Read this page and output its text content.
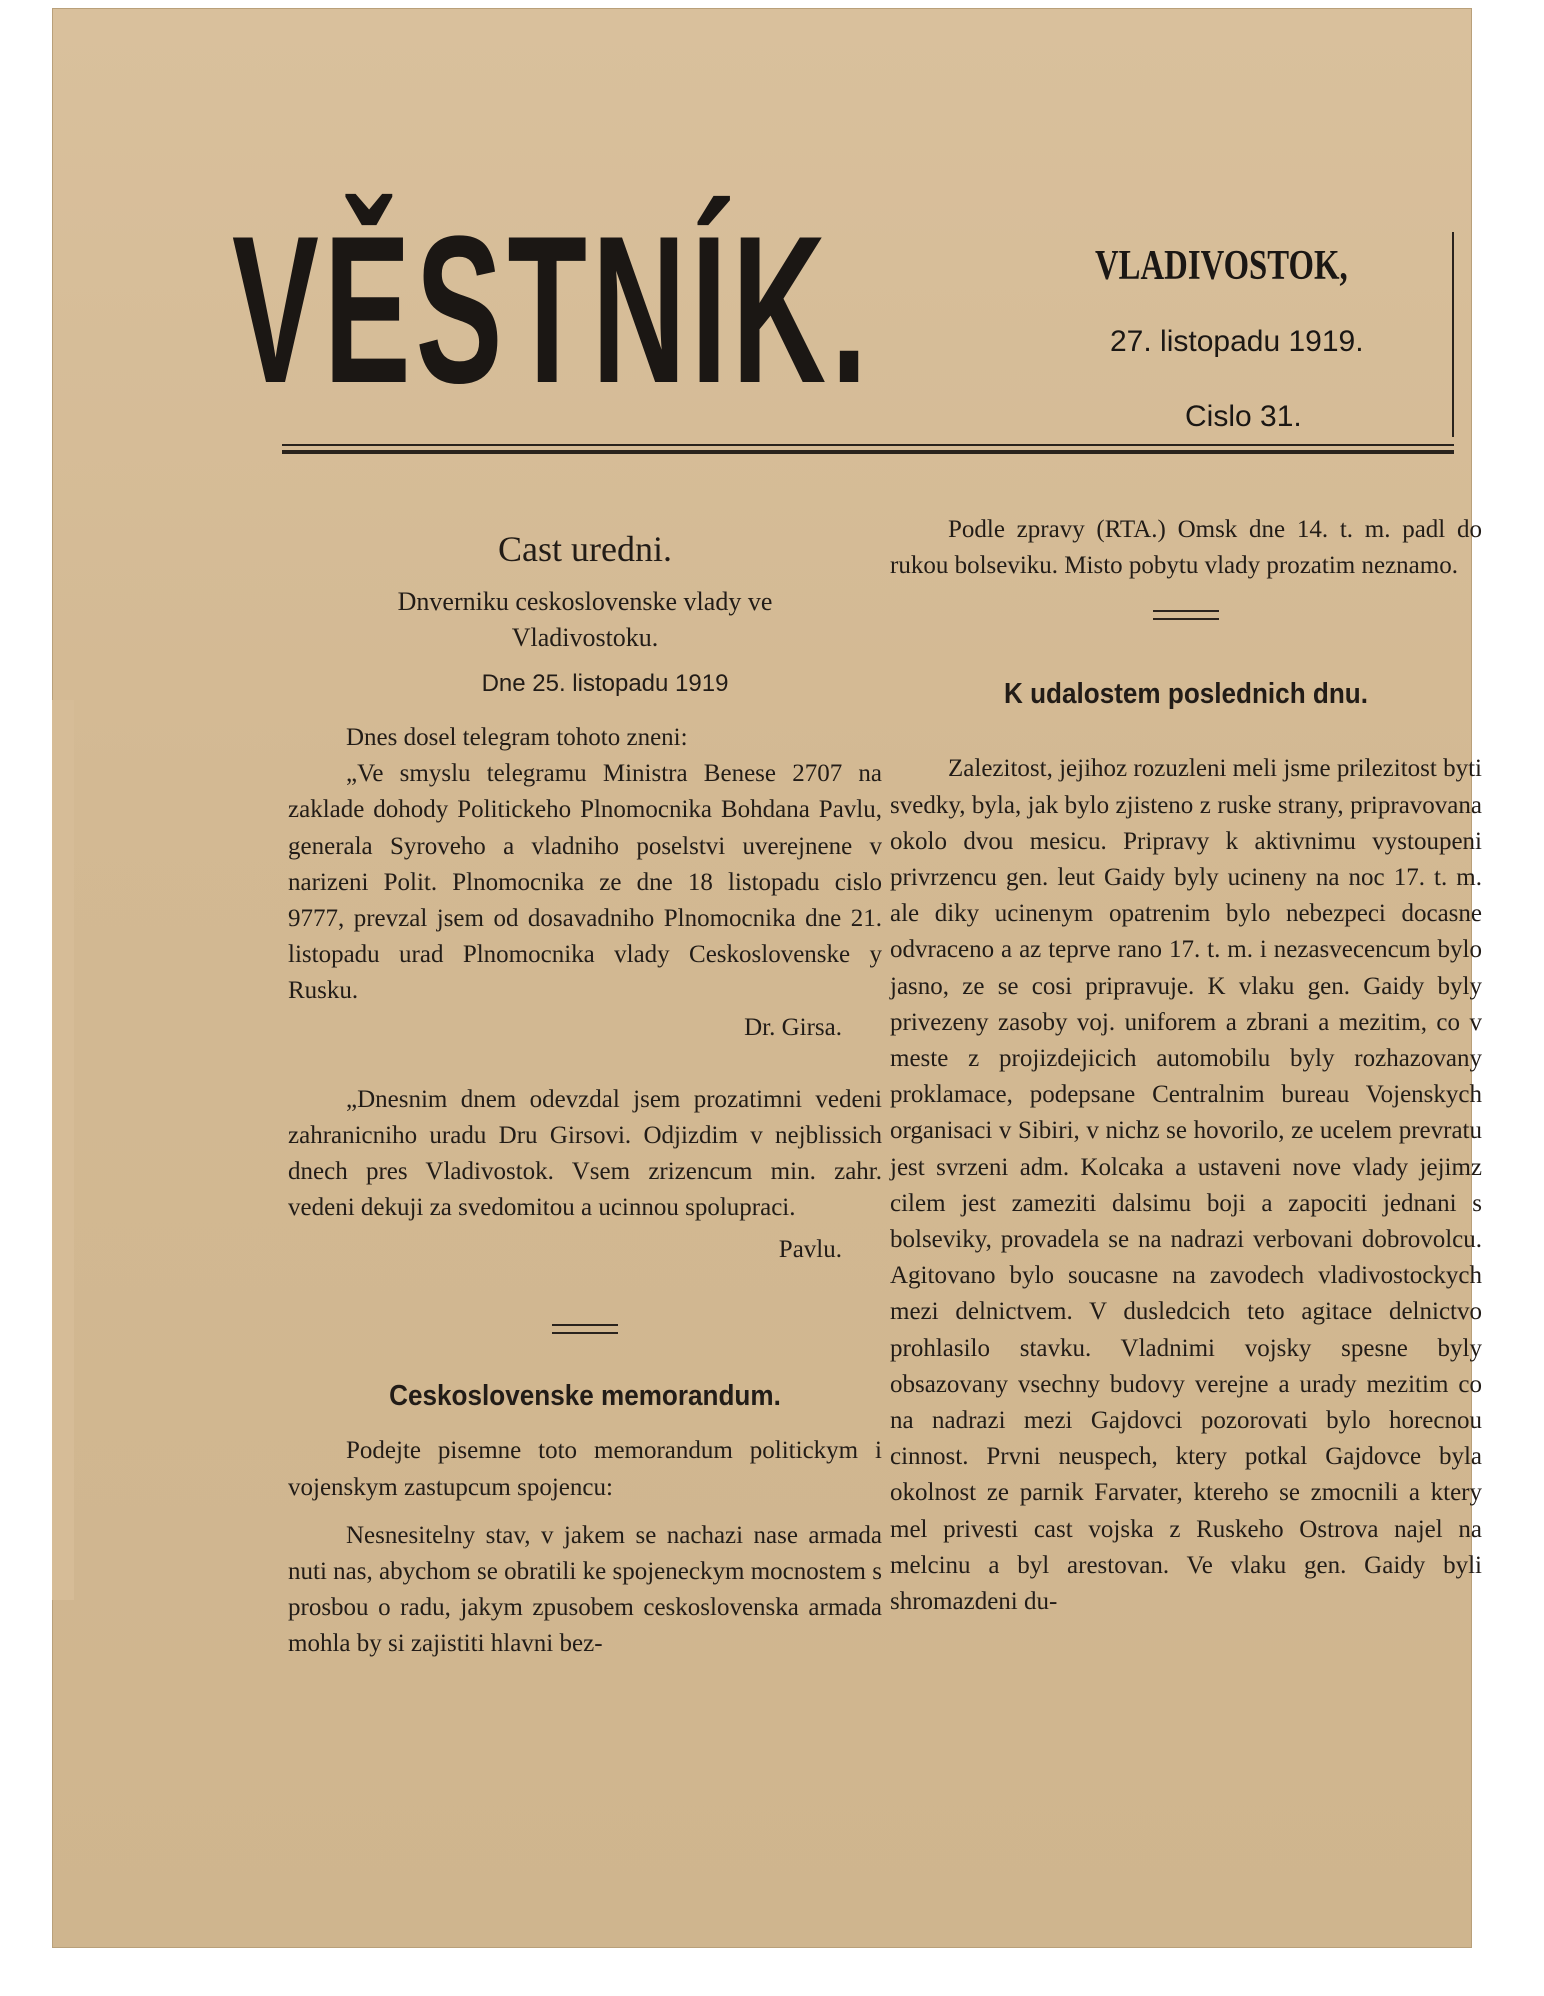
VĚSTNÍK.	VLADIVOSTOK,
27. listopadu 1919.
Cislo 31.

Cast uredni.

Dnverniku ceskoslovenske vlady ve

Vladivostoku.

Dne 25. listopadu 1919

Dnes dosel telegram tohoto zneni:

„Ve smyslu telegramu Ministra Benese 2707 na zaklade dohody Politickeho Plnomocnika Bohdana Pavlu, generala Syroveho a vladniho poselstvi uverejnene v narizeni Polit. Plnomocnika ze dne 18 listopadu cislo 9777, prevzal jsem od dosavadniho Plnomocnika dne 21. listopadu urad Plnomocnika vlady Ceskoslovenske y Rusku.

Dr. Girsa.

„Dnesnim dnem odevzdal jsem prozatimni vedeni zahranicniho uradu Dru Girsovi. Odjizdim v nejblissich dnech pres Vladivostok. Vsem zrizencum min. zahr. vedeni dekuji za svedomitou a ucinnou spolupraci.

Pavlu.

Ceskoslovenske memorandum.

Podejte pisemne toto memorandum politickym i vojenskym zastupcum spojencu:

Nesnesitelny stav, v jakem se nachazi nase armada nuti nas, abychom se obratili ke spojeneckym mocnostem s prosbou o radu, jakym zpusobem ceskoslovenska armada mohla by si zajistiti hlavni bez-

Podle zpravy (RTA.) Omsk dne 14. t. m. padl do rukou bolseviku. Misto pobytu vlady prozatim neznamo.

K udalostem poslednich dnu.

Zalezitost, jejihoz rozuzleni meli jsme prilezitost byti svedky, byla, jak bylo zjisteno z ruske strany, pripravovana okolo dvou mesicu. Pripravy k aktivnimu vystoupeni privrzencu gen. leut Gaidy byly ucineny na noc 17. t. m. ale diky ucinenym opatrenim bylo nebezpeci docasne odvraceno a az teprve rano 17. t. m. i nezasvecencum bylo jasno, ze se cosi pripravuje. K vlaku gen. Gaidy byly privezeny zasoby voj. uniforem a zbrani a mezitim, co v meste z projizdejicich automobilu byly rozhazovany proklamace, podepsane Centralnim bureau Vojenskych organisaci v Sibiri, v nichz se hovorilo, ze ucelem prevratu jest svrzeni adm. Kolcaka a ustaveni nove vlady jejimz cilem jest zameziti dalsimu boji a zapociti jednani s bolseviky, provadela se na nadrazi verbovani dobrovolcu. Agitovano bylo soucasne na zavodech vladivostockych mezi delnictvem. V dusledcich teto agitace delnictvo prohlasilo stavku. Vladnimi vojsky spesne byly obsazovany vsechny budovy verejne a urady mezitim co na nadrazi mezi Gajdovci pozorovati bylo horecnou cinnost. Prvni neuspech, ktery potkal Gajdovce byla okolnost ze parnik Farvater, ktereho se zmocnili a ktery mel privesti cast vojska z Ruskeho Ostrova najel na melcinu a byl arestovan. Ve vlaku gen. Gaidy byli shromazdeni du-
